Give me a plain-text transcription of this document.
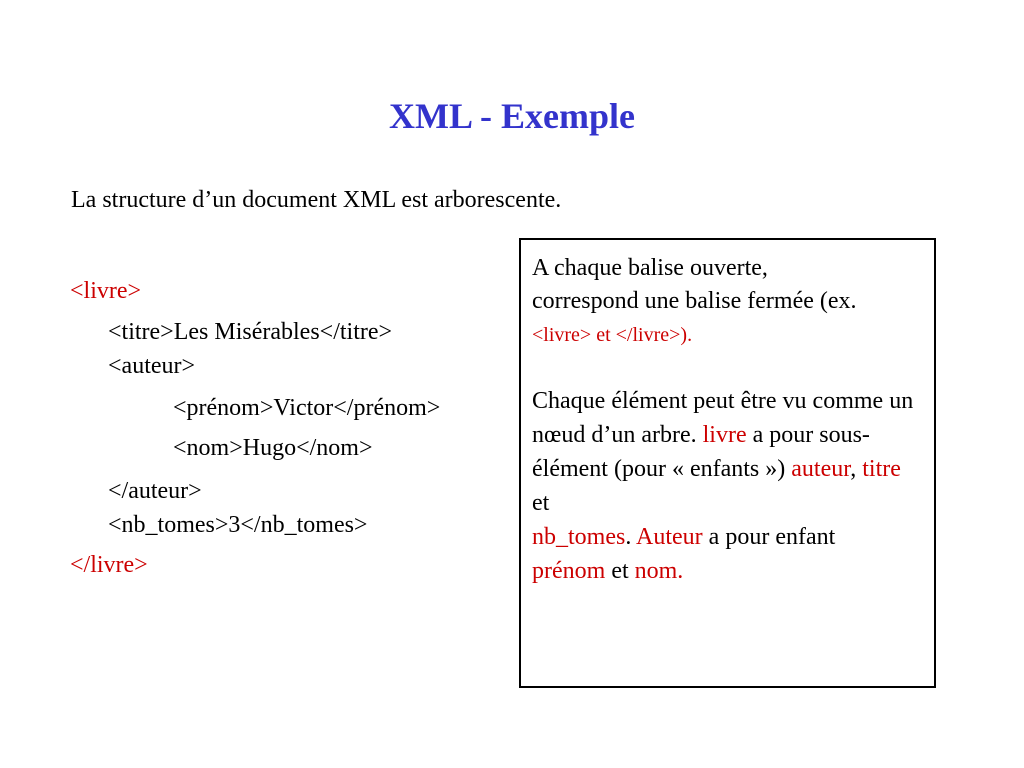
XML - Exemple
La structure d’un document XML est arborescente.
<livre>
<titre>Les Misérables</titre>
<auteur>
<prénom>Victor</prénom>
<nom>Hugo</nom>
</auteur>
<nb_tomes>3</nb_tomes>
</livre>
A chaque balise ouverte,
correspond une balise fermée (ex.
<livre> et </livre>).
Chaque élément peut être vu comme un nœud d’un arbre. livre a pour sous-élément (pour « enfants ») auteur, titre et
nb_tomes. Auteur a pour enfant
prénom et nom.
